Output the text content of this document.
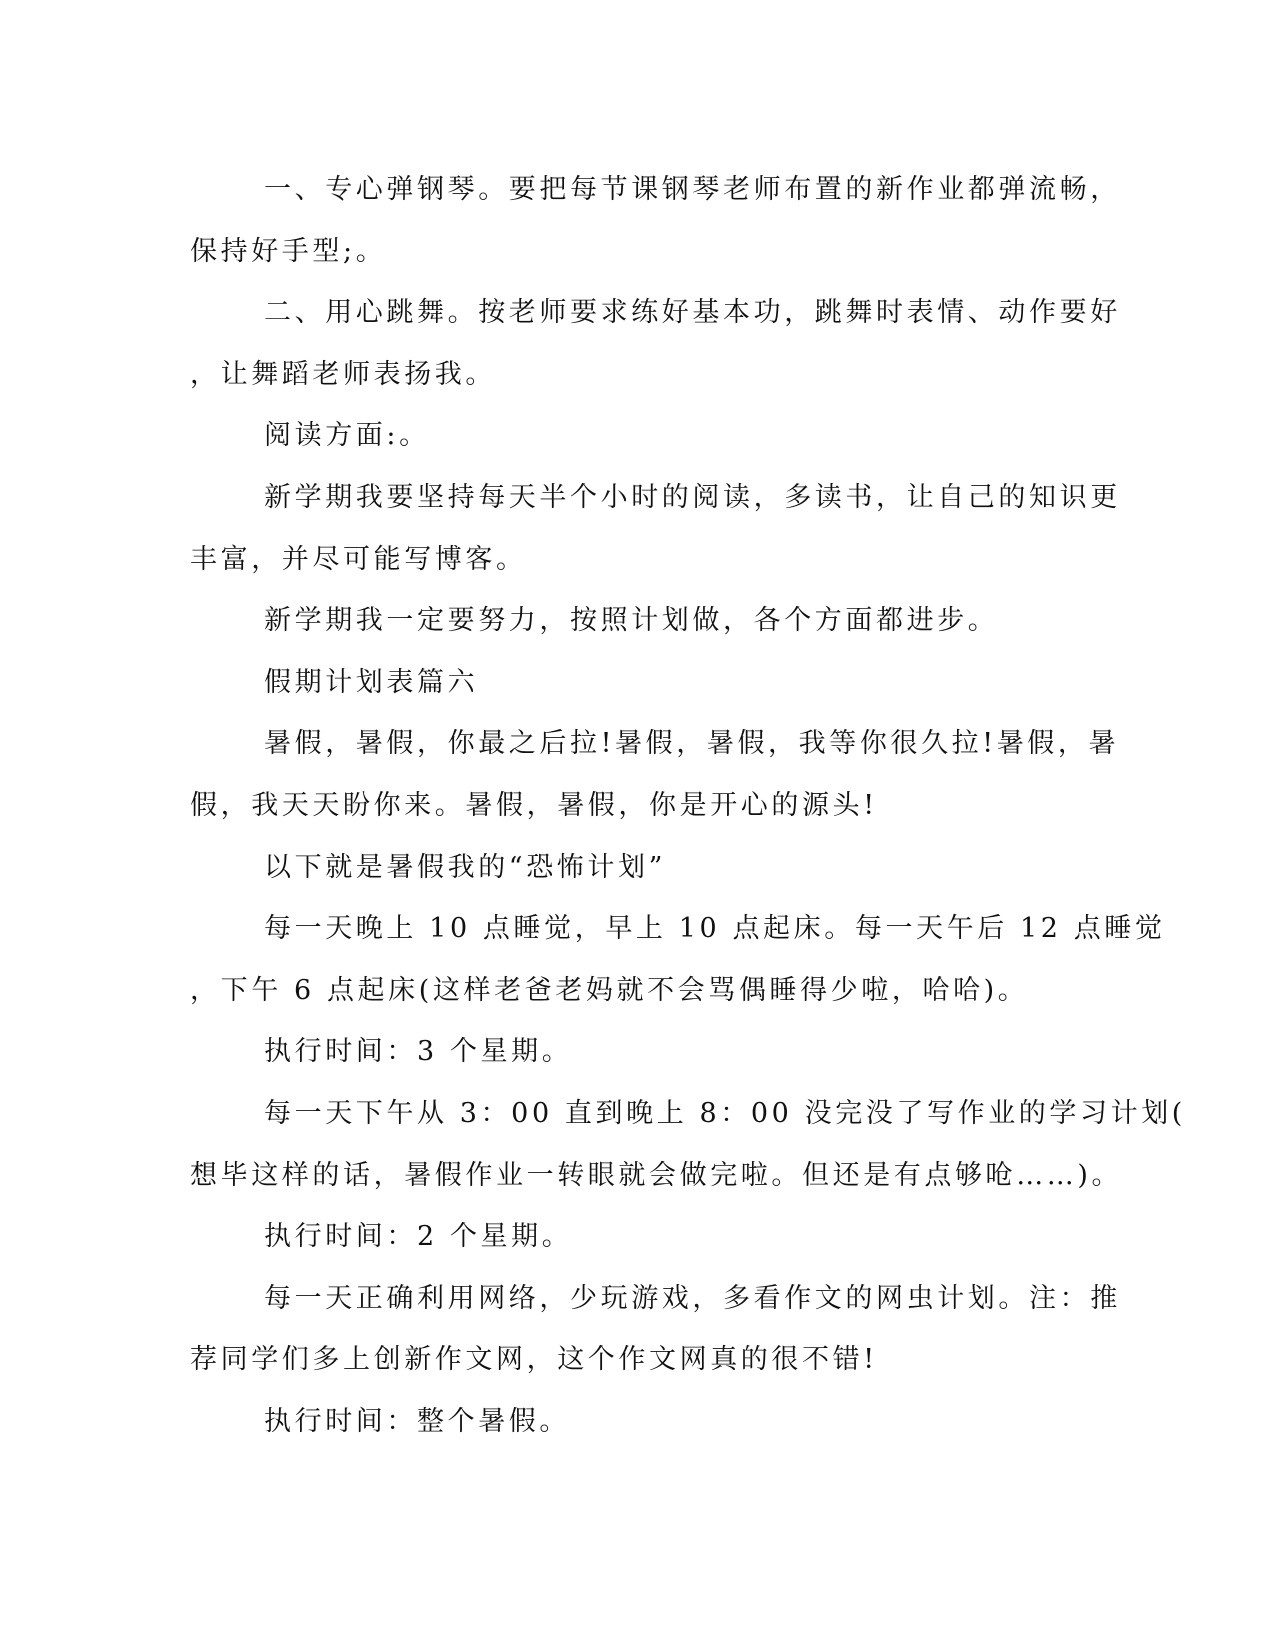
一、专心弹钢琴。要把每节课钢琴老师布置的新作业都弹流畅，
保持好手型;。

二、用心跳舞。按老师要求练好基本功，跳舞时表情、动作要好
，让舞蹈老师表扬我。

阅读方面:。

新学期我要坚持每天半个小时的阅读，多读书，让自己的知识更
丰富，并尽可能写博客。

新学期我一定要努力，按照计划做，各个方面都进步。

假期计划表篇六

暑假，暑假，你最之后拉!暑假，暑假，我等你很久拉!暑假，暑
假，我天天盼你来。暑假，暑假，你是开心的源头!

以下就是暑假我的“恐怖计划”

每一天晚上 10 点睡觉，早上 10 点起床。每一天午后 12 点睡觉
，下午 6 点起床(这样老爸老妈就不会骂偶睡得少啦，哈哈)。

执行时间：3 个星期。

每一天下午从 3：00 直到晚上 8：00 没完没了写作业的学习计划(
想毕这样的话，暑假作业一转眼就会做完啦。但还是有点够呛……)。

执行时间：2 个星期。

每一天正确利用网络，少玩游戏，多看作文的网虫计划。注：推
荐同学们多上创新作文网，这个作文网真的很不错!

执行时间：整个暑假。
